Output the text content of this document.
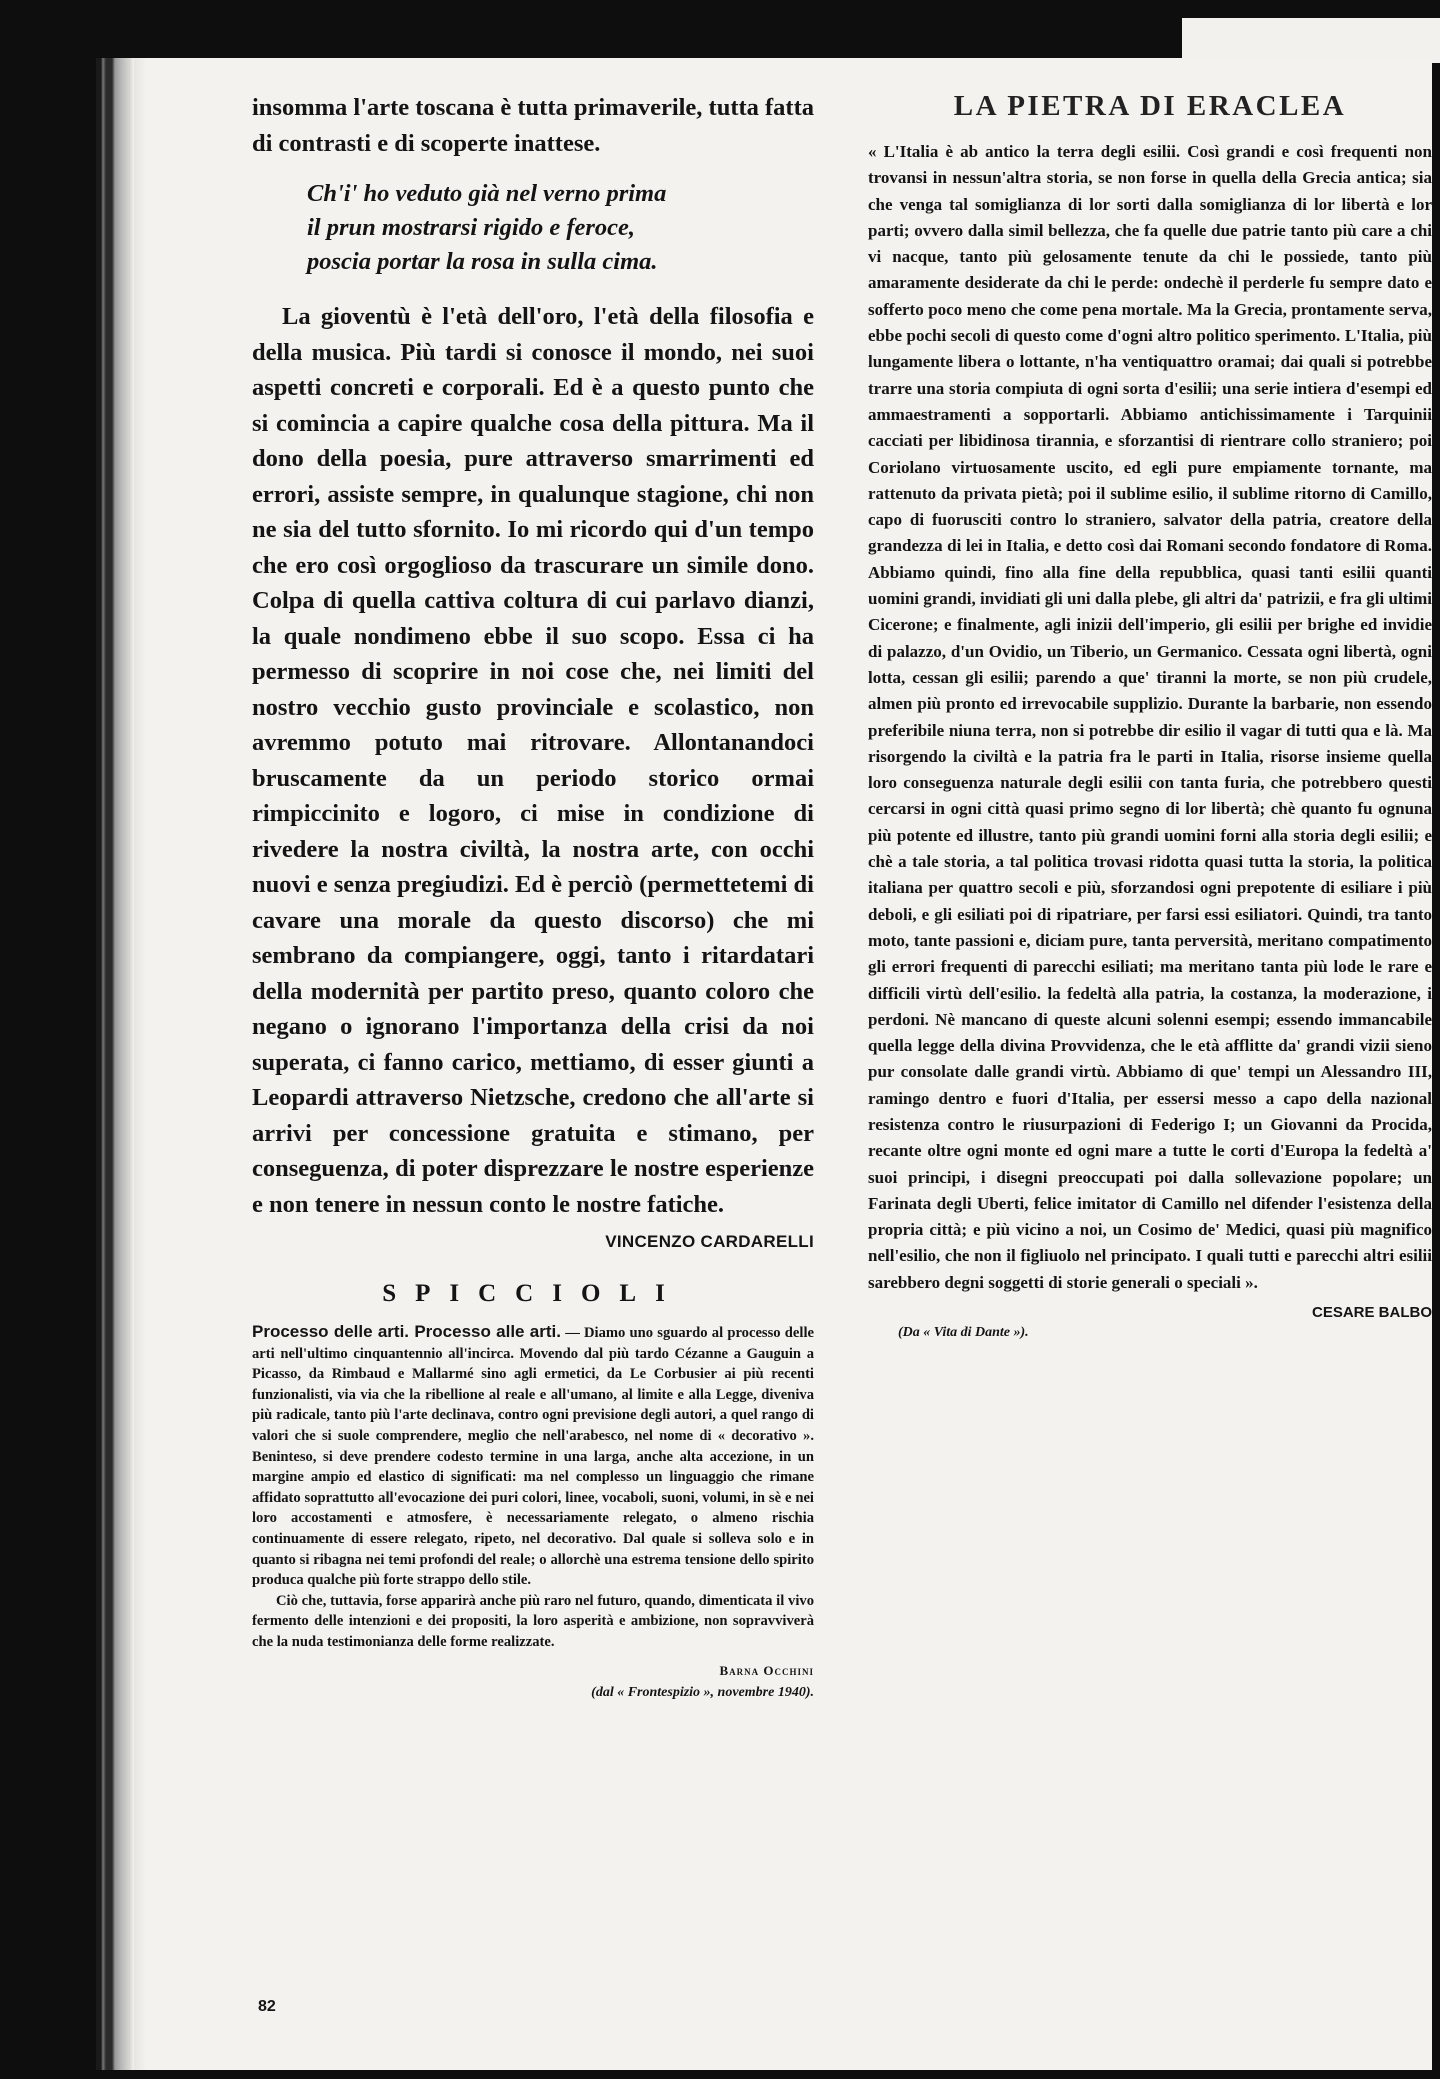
insomma l'arte toscana è tutta primaverile, tutta fatta di contrasti e di scoperte inattese.

Ch'i' ho veduto già nel verno prima
il prun mostrarsi rigido e feroce,
poscia portar la rosa in sulla cima.

La gioventù è l'età dell'oro, l'età della filosofia e della musica. Più tardi si conosce il mondo, nei suoi aspetti concreti e corporali. Ed è a questo punto che si comincia a capire qualche cosa della pittura. Ma il dono della poesia, pure attraverso smarrimenti ed errori, assiste sempre, in qualunque stagione, chi non ne sia del tutto sfornito. Io mi ricordo qui d'un tempo che ero così orgoglioso da trascurare un simile dono. Colpa di quella cattiva coltura di cui parlavo dianzi, la quale nondimeno ebbe il suo scopo. Essa ci ha permesso di scoprire in noi cose che, nei limiti del nostro vecchio gusto provinciale e scolastico, non avremmo potuto mai ritrovare. Allontanandoci bruscamente da un periodo storico ormai rimpiccinito e logoro, ci mise in condizione di rivedere la nostra civiltà, la nostra arte, con occhi nuovi e senza pregiudizi. Ed è perciò (permettetemi di cavare una morale da questo discorso) che mi sembrano da compiangere, oggi, tanto i ritardatari della modernità per partito preso, quanto coloro che negano o ignorano l'importanza della crisi da noi superata, ci fanno carico, mettiamo, di esser giunti a Leopardi attraverso Nietzsche, credono che all'arte si arrivi per concessione gratuita e stimano, per conseguenza, di poter disprezzare le nostre esperienze e non tenere in nessun conto le nostre fatiche.

VINCENZO CARDARELLI
SPICCIOLI

Processo delle arti. Processo alle arti. — Diamo uno sguardo al processo delle arti nell'ultimo cinquantennio all'incirca. Movendo dal più tardo Cézanne a Gauguin a Picasso, da Rimbaud e Mallarmé sino agli ermetici, da Le Corbusier ai più recenti funzionalisti, via via che la ribellione al reale e all'umano, al limite e alla Legge, diveniva più radicale, tanto più l'arte declinava, contro ogni previsione degli autori, a quel rango di valori che si suole comprendere, meglio che nell'arabesco, nel nome di « decorativo ». Beninteso, si deve prendere codesto termine in una larga, anche alta accezione, in un margine ampio ed elastico di significati: ma nel complesso un linguaggio che rimane affidato soprattutto all'evocazione dei puri colori, linee, vocaboli, suoni, volumi, in sè e nei loro accostamenti e atmosfere, è necessariamente relegato, o almeno rischia continuamente di essere relegato, ripeto, nel decorativo. Dal quale si solleva solo e in quanto si ribagna nei temi profondi del reale; o allorchè una estrema tensione dello spirito produca qualche più forte strappo dello stile.

Ciò che, tuttavia, forse apparirà anche più raro nel futuro, quando, dimenticata il vivo fermento delle intenzioni e dei propositi, la loro asperità e ambizione, non sopravviverà che la nuda testimonianza delle forme realizzate.

Barna Occhini
(dal « Frontespizio », novembre 1940).
82
LA PIETRA DI ERACLEA

« L'Italia è ab antico la terra degli esilii. Così grandi e così frequenti non trovansi in nessun'altra storia, se non forse in quella della Grecia antica; sia che venga tal somiglianza di lor sorti dalla somiglianza di lor libertà e lor parti; ovvero dalla simil bellezza, che fa quelle due patrie tanto più care a chi vi nacque, tanto più gelosamente tenute da chi le possiede, tanto più amaramente desiderate da chi le perde: ondechè il perderle fu sempre dato e sofferto poco meno che come pena mortale. Ma la Grecia, prontamente serva, ebbe pochi secoli di questo come d'ogni altro politico sperimento. L'Italia, più lungamente libera o lottante, n'ha ventiquattro oramai; dai quali si potrebbe trarre una storia compiuta di ogni sorta d'esilii; una serie intiera d'esempi ed ammaestramenti a sopportarli. Abbiamo antichissimamente i Tarquinii cacciati per libidinosa tirannia, e sforzantisi di rientrare collo straniero; poi Coriolano virtuosamente uscito, ed egli pure empiamente tornante, ma rattenuto da privata pietà; poi il sublime esilio, il sublime ritorno di Camillo, capo di fuorusciti contro lo straniero, salvator della patria, creatore della grandezza di lei in Italia, e detto così dai Romani secondo fondatore di Roma. Abbiamo quindi, fino alla fine della repubblica, quasi tanti esilii quanti uomini grandi, invidiati gli uni dalla plebe, gli altri da' patrizii, e fra gli ultimi Cicerone; e finalmente, agli inizii dell'imperio, gli esilii per brighe ed invidie di palazzo, d'un Ovidio, un Tiberio, un Germanico. Cessata ogni libertà, ogni lotta, cessan gli esilii; parendo a que' tiranni la morte, se non più crudele, almen più pronto ed irrevocabile supplizio. Durante la barbarie, non essendo preferibile niuna terra, non si potrebbe dir esilio il vagar di tutti qua e là. Ma risorgendo la civiltà e la patria fra le parti in Italia, risorse insieme quella loro conseguenza naturale degli esilii con tanta furia, che potrebbero questi cercarsi in ogni città quasi primo segno di lor libertà; chè quanto fu ognuna più potente ed illustre, tanto più grandi uomini forni alla storia degli esilii; e chè a tale storia, a tal politica trovasi ridotta quasi tutta la storia, la politica italiana per quattro secoli e più, sforzandosi ogni prepotente di esiliare i più deboli, e gli esiliati poi di ripatriare, per farsi essi esiliatori. Quindi, tra tanto moto, tante passioni e, diciam pure, tanta perversità, meritano compatimento gli errori frequenti di parecchi esiliati; ma meritano tanta più lode le rare e difficili virtù dell'esilio. la fedeltà alla patria, la costanza, la moderazione, i perdoni. Nè mancano di queste alcuni solenni esempi; essendo immancabile quella legge della divina Provvidenza, che le età afflitte da' grandi vizii sieno pur consolate dalle grandi virtù. Abbiamo di que' tempi un Alessandro III, ramingo dentro e fuori d'Italia, per essersi messo a capo della nazional resistenza contro le riusurpazioni di Federigo I; un Giovanni da Procida, recante oltre ogni monte ed ogni mare a tutte le corti d'Europa la fedeltà a' suoi principi, i disegni preoccupati poi dalla sollevazione popolare; un Farinata degli Uberti, felice imitator di Camillo nel difender l'esistenza della propria città; e più vicino a noi, un Cosimo de' Medici, quasi più magnifico nell'esilio, che non il figliuolo nel principato. I quali tutti e parecchi altri esilii sarebbero degni soggetti di storie generali o speciali ».

CESARE BALBO
(Da « Vita di Dante »).
